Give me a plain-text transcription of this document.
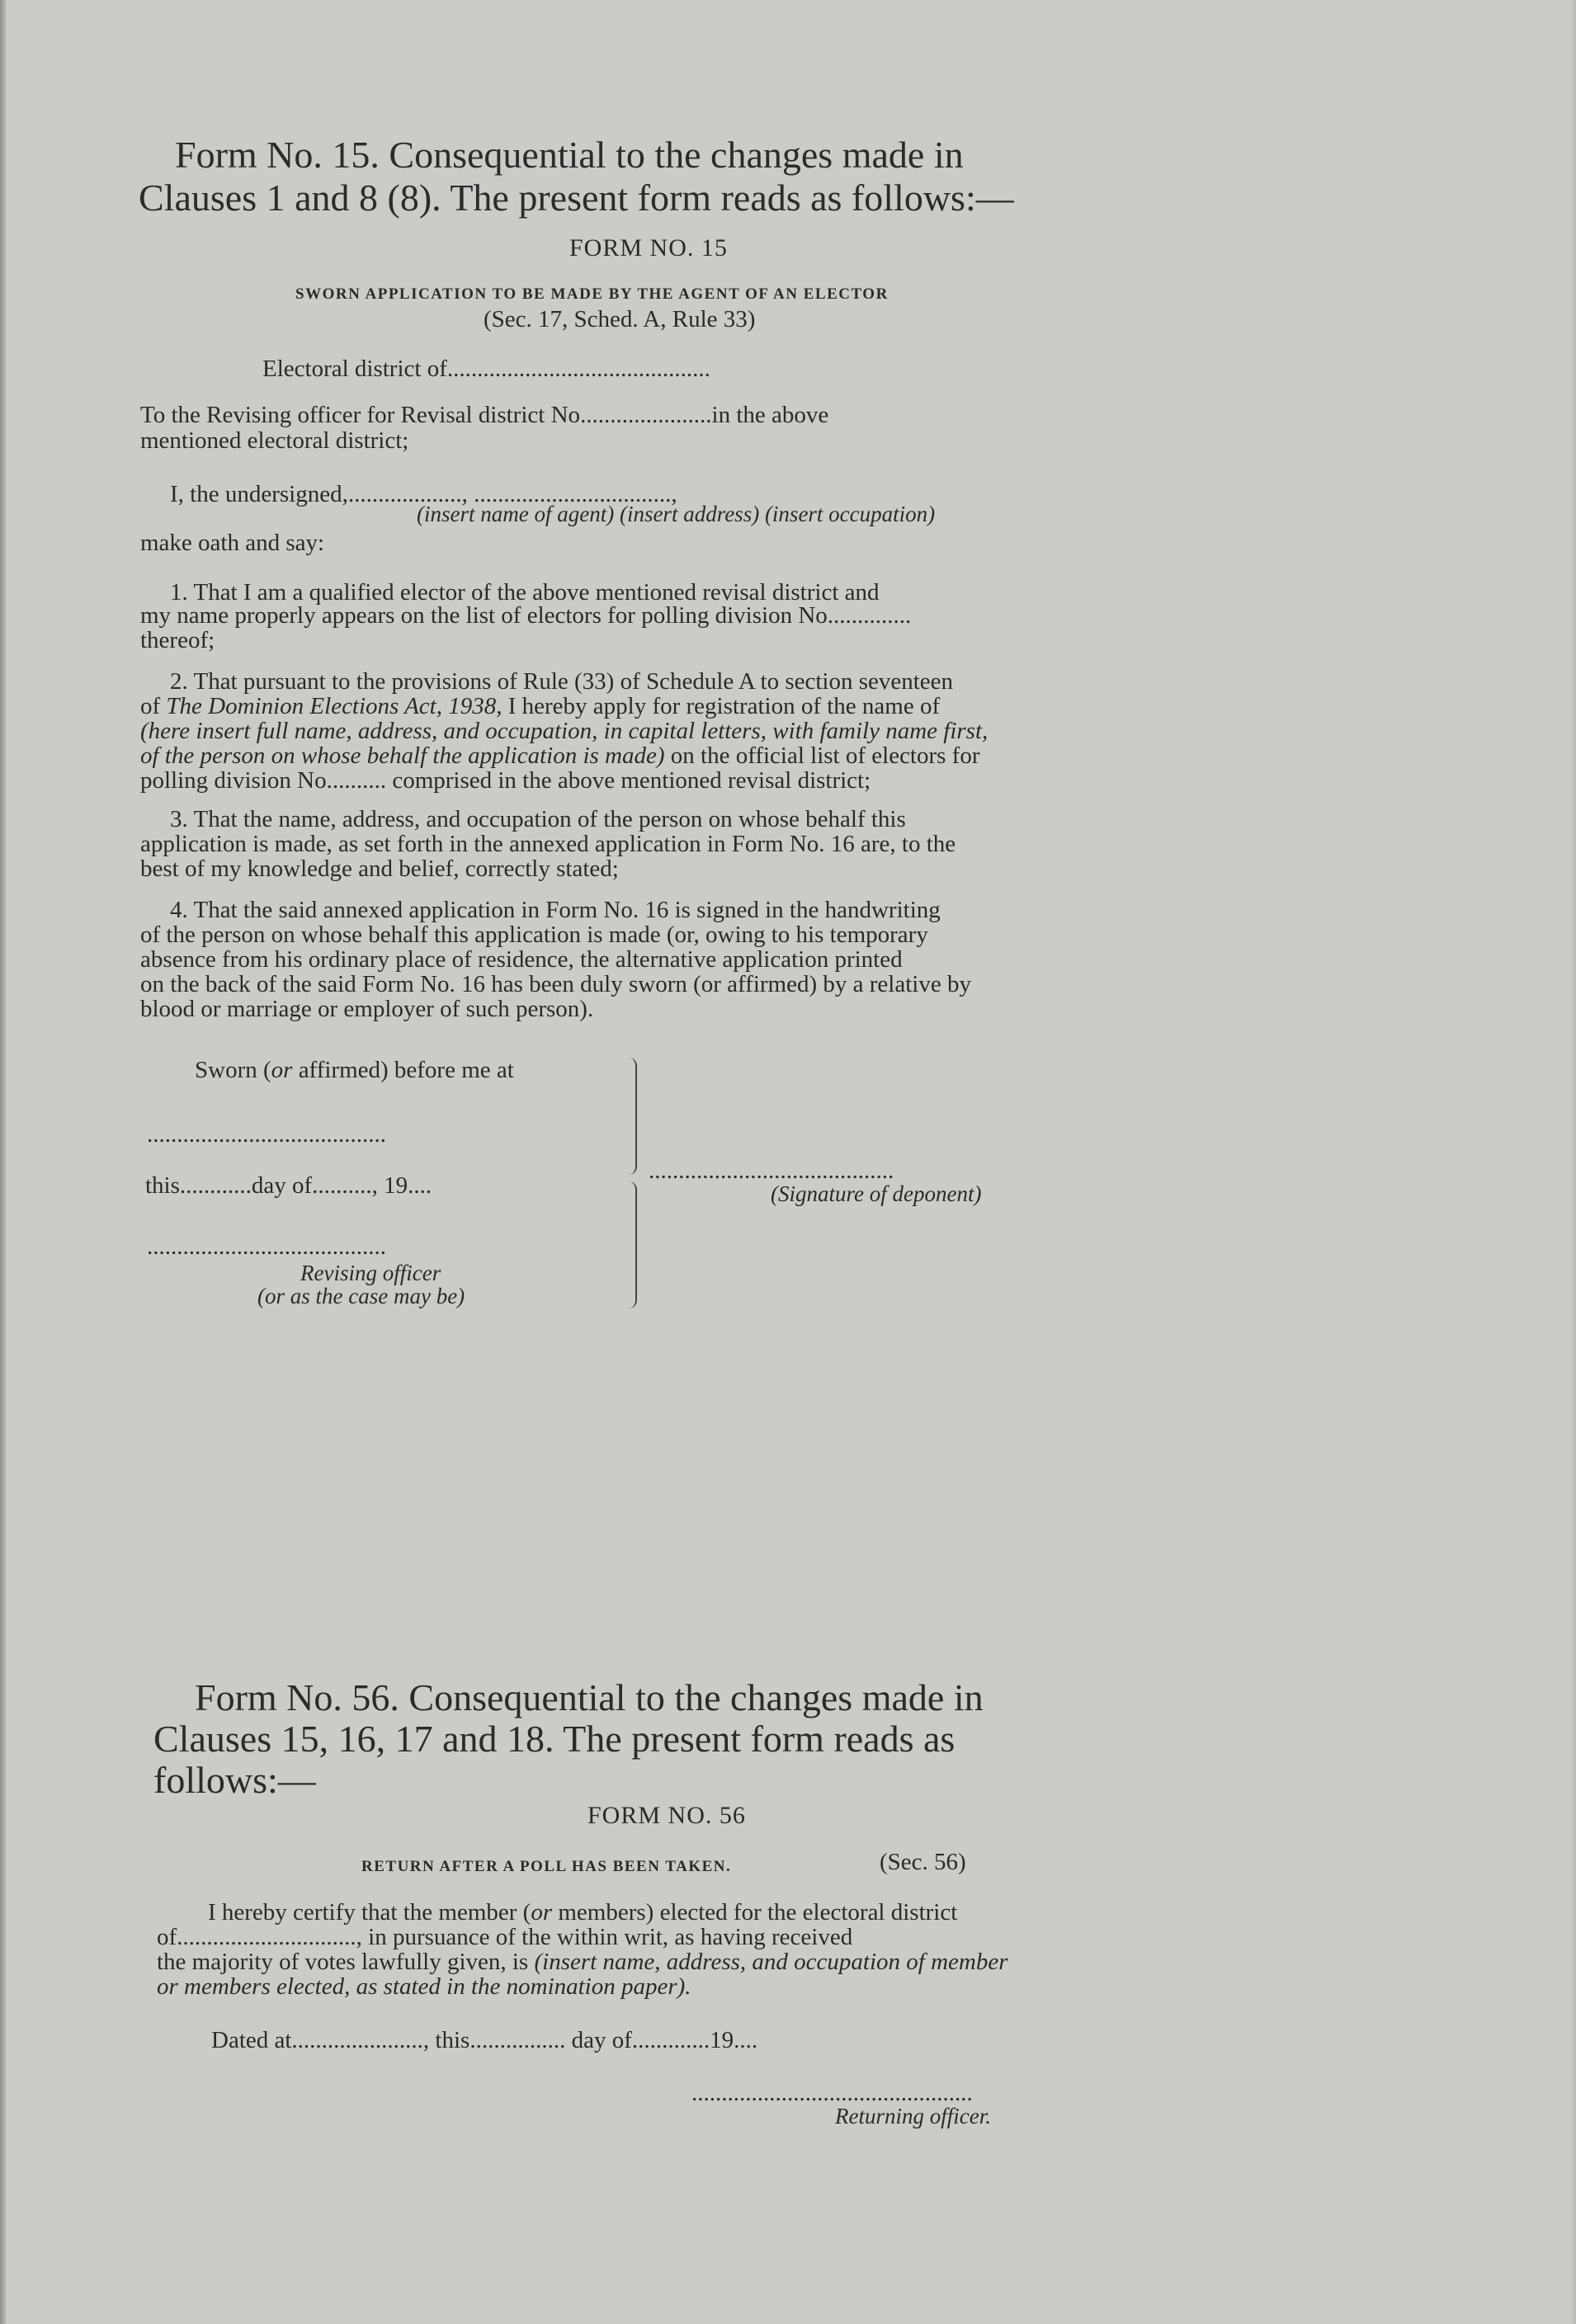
Form No. 15. Consequential to the changes made in
Clauses 1 and 8 (8). The present form reads as follows:—
FORM NO. 15
SWORN APPLICATION TO BE MADE BY THE AGENT OF AN ELECTOR
(Sec. 17, Sched. A, Rule 33)
Electoral district of............................................
To the Revising officer for Revisal district No......................in the above
mentioned electoral district;
I, the undersigned,..................., .................................,
(insert name of agent) (insert address) (insert occupation)
make oath and say:
1. That I am a qualified elector of the above mentioned revisal district and
my name properly appears on the list of electors for polling division No..............
thereof;
2. That pursuant to the provisions of Rule (33) of Schedule A to section seventeen
of The Dominion Elections Act, 1938, I hereby apply for registration of the name of
(here insert full name, address, and occupation, in capital letters, with family name first,
of the person on whose behalf the application is made) on the official list of electors for
polling division No.......... comprised in the above mentioned revisal district;
3. That the name, address, and occupation of the person on whose behalf this
application is made, as set forth in the annexed application in Form No. 16 are, to the
best of my knowledge and belief, correctly stated;
4. That the said annexed application in Form No. 16 is signed in the handwriting
of the person on whose behalf this application is made (or, owing to his temporary
absence from his ordinary place of residence, the alternative application printed
on the back of the said Form No. 16 has been duly sworn (or affirmed) by a relative by
blood or marriage or employer of such person).
Sworn (or affirmed) before me at
........................................
this............day of.........., 19....
........................................
Revising officer
(or as the case may be)
.........................................
(Signature of deponent)
Form No. 56. Consequential to the changes made in
Clauses 15, 16, 17 and 18. The present form reads as
follows:—
FORM NO. 56
RETURN AFTER A POLL HAS BEEN TAKEN.	(Sec. 56)
I hereby certify that the member (or members) elected for the electoral district
of.............................., in pursuance of the within writ, as having received
the majority of votes lawfully given, is (insert name, address, and occupation of member
or members elected, as stated in the nomination paper).
Dated at......................, this................ day of.............19....
...............................................
Returning officer.
